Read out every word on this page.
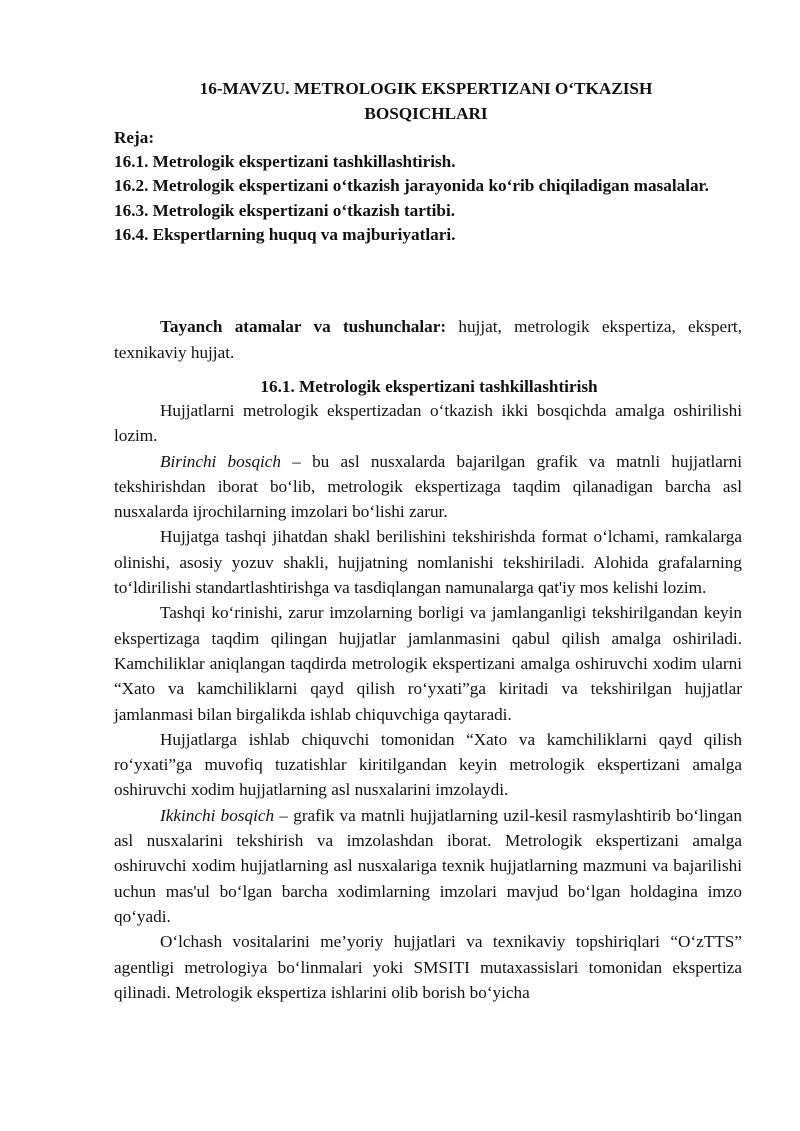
16-MAVZU. METROLOGIK EKSPERTIZANI O‘TKAZISH
BOSQICHLARI
Reja:
16.1. Metrologik ekspertizani tashkillashtirish.
16.2. Metrologik ekspertizani o‘tkazish jarayonida ko‘rib chiqiladigan masalalar.
16.3. Metrologik ekspertizani o‘tkazish tartibi.
16.4. Ekspertlarning huquq va majburiyatlari.

Tayanch atamalar va tushunchalar: hujjat, metrologik ekspertiza, ekspert, texnikaviy hujjat.

16.1. Metrologik ekspertizani tashkillashtirish

Hujjatlarni metrologik ekspertizadan o‘tkazish ikki bosqichda amalga oshirilishi lozim.

Birinchi bosqich – bu asl nusxalarda bajarilgan grafik va matnli hujjatlarni tekshirishdan iborat bo‘lib, metrologik ekspertizaga taqdim qilanadigan barcha asl nusxalarda ijrochilarning imzolari bo‘lishi zarur.

Hujjatga tashqi jihatdan shakl berilishini tekshirishda format o‘lchami, ramkalarga olinishi, asosiy yozuv shakli, hujjatning nomlanishi tekshiriladi. Alohida grafalarning to‘ldirilishi standartlashtirishga va tasdiqlangan namunalarga qat'iy mos kelishi lozim.

Tashqi ko‘rinishi, zarur imzolarning borligi va jamlanganligi tekshirilgandan keyin ekspertizaga taqdim qilingan hujjatlar jamlanmasini qabul qilish amalga oshiriladi. Kamchiliklar aniqlangan taqdirda metrologik ekspertizani amalga oshiruvchi xodim ularni “Xato va kamchiliklarni qayd qilish ro‘yxati”ga kiritadi va tekshirilgan hujjatlar jamlanmasi bilan birgalikda ishlab chiquvchiga qaytaradi.

Hujjatlarga ishlab chiquvchi tomonidan “Xato va kamchiliklarni qayd qilish ro‘yxati”ga muvofiq tuzatishlar kiritilgandan keyin metrologik ekspertizani amalga oshiruvchi xodim hujjatlarning asl nusxalarini imzolaydi.

Ikkinchi bosqich – grafik va matnli hujjatlarning uzil-kesil rasmylashtirib bo‘lingan asl nusxalarini tekshirish va imzolashdan iborat. Metrologik ekspertizani amalga oshiruvchi xodim hujjatlarning asl nusxalariga texnik hujjatlarning mazmuni va bajarilishi uchun mas'ul bo‘lgan barcha xodimlarning imzolari mavjud bo‘lgan holdagina imzo qo‘yadi.

O‘lchash vositalarini me’yoriy hujjatlari va texnikaviy topshiriqlari “O‘zTTS” agentligi metrologiya bo‘linmalari yoki SMSITI mutaxassislari tomonidan ekspertiza qilinadi. Metrologik ekspertiza ishlarini olib borish bo‘yicha
